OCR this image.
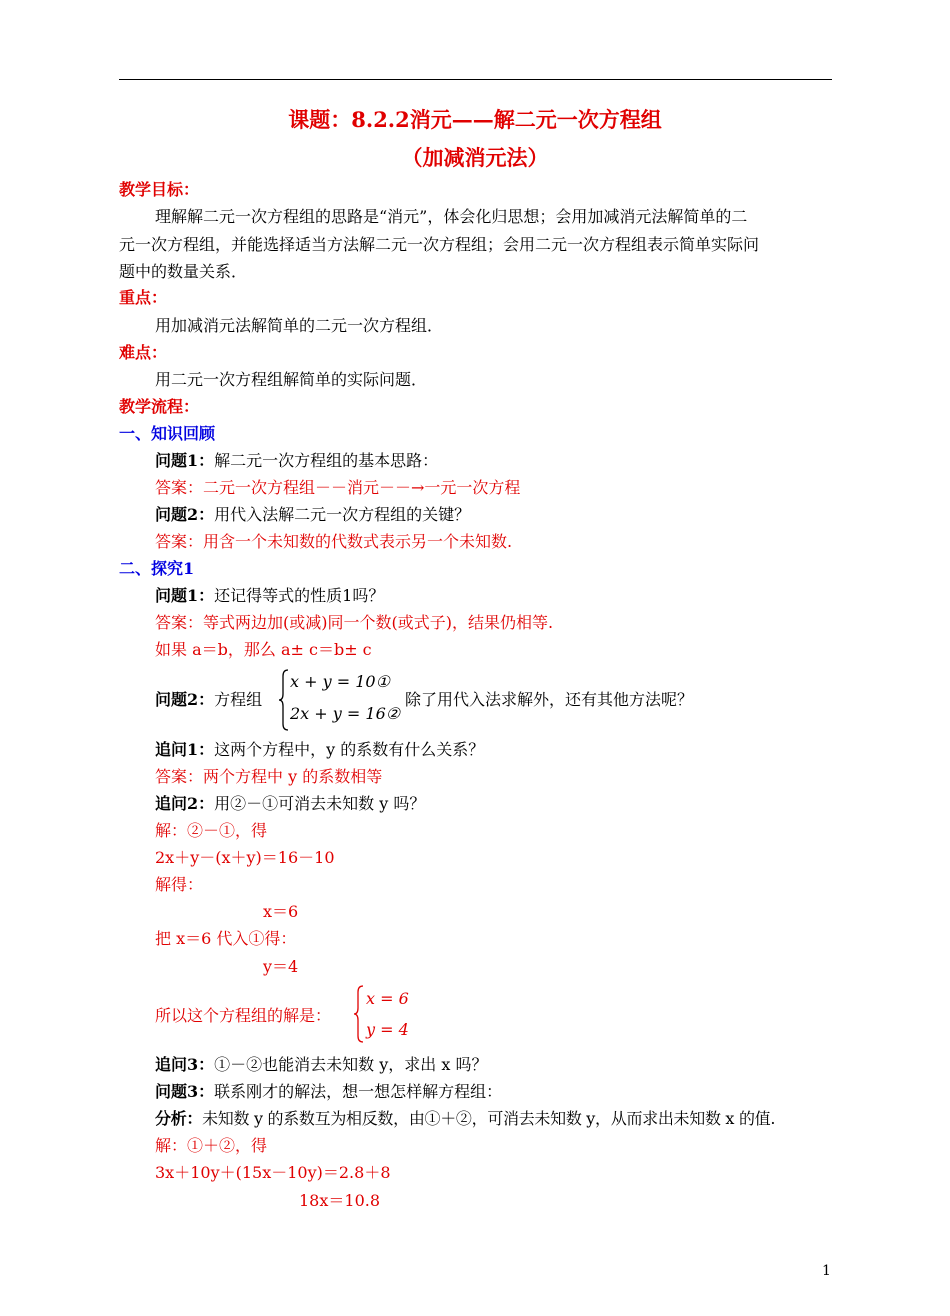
课题：8.2.2消元——解二元一次方程组
（加减消元法）
教学目标：
理解解二元一次方程组的思路是“消元”，体会化归思想；会用加减消元法解简单的二
元一次方程组，并能选择适当方法解二元一次方程组；会用二元一次方程组表示简单实际问
题中的数量关系．
重点：
用加减消元法解简单的二元一次方程组．
难点：
用二元一次方程组解简单的实际问题．
教学流程：
一、知识回顾
问题1：解二元一次方程组的基本思路：
答案：二元一次方程组－－消元－－→一元一次方程
问题2：用代入法解二元一次方程组的关键？
答案：用含一个未知数的代数式表示另一个未知数.
二、探究1
问题1：还记得等式的性质1吗？
答案：等式两边加(或减)同一个数(或式子)，结果仍相等.
如果 a＝b，那么 a± c＝b± c
问题2：方程组
x + y = 10①
2x + y = 16②
除了用代入法求解外，还有其他方法呢？
追问1：这两个方程中，y 的系数有什么关系？
答案：两个方程中 y 的系数相等
追问2：用②－①可消去未知数 y 吗？
解：②－①，得
2x＋y－(x＋y)＝16－10
解得：
x＝6
把 x＝6 代入①得：
y＝4
所以这个方程组的解是：
x = 6
y = 4
追问3：①－②也能消去未知数 y，求出 x 吗？
问题3：联系刚才的解法，想一想怎样解方程组：
分析：未知数 y 的系数互为相反数，由①＋②，可消去未知数 y，从而求出未知数 x 的值.
解：①＋②，得
3x＋10y＋(15x－10y)＝2.8＋8
18x＝10.8
1
